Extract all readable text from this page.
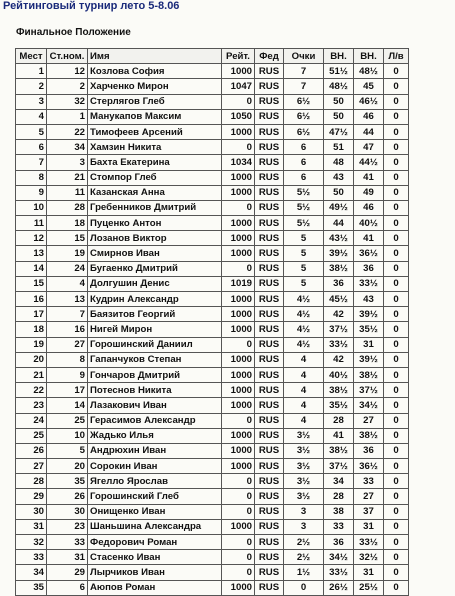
Рейтинговый турнир лето 5-8.06
Финальное Положение
Мест	Ст.ном.	Имя	Рейт.	Фед	Очки	ВН.	ВН.	Л/в
1	12	Козлова София	1000	RUS	7	51½	48½	0
2	2	Харченко Мирон	1047	RUS	7	48½	45	0
3	32	Стерлягов Глеб	0	RUS	6½	50	46½	0
4	1	Манукапов Максим	1050	RUS	6½	50	46	0
5	22	Тимофеев Арсений	1000	RUS	6½	47½	44	0
6	34	Хамзин Никита	0	RUS	6	51	47	0
7	3	Бахта Екатерина	1034	RUS	6	48	44½	0
8	21	Стомпор Глеб	1000	RUS	6	43	41	0
9	11	Казанская Анна	1000	RUS	5½	50	49	0
10	28	Гребенников Дмитрий	0	RUS	5½	49½	46	0
11	18	Пуценко Антон	1000	RUS	5½	44	40½	0
12	15	Лозанов Виктор	1000	RUS	5	43½	41	0
13	19	Смирнов Иван	1000	RUS	5	39½	36½	0
14	24	Бугаенко Дмитрий	0	RUS	5	38½	36	0
15	4	Долгушин Денис	1019	RUS	5	36	33½	0
16	13	Кудрин Александр	1000	RUS	4½	45½	43	0
17	7	Баязитов Георгий	1000	RUS	4½	42	39½	0
18	16	Нигей Мирон	1000	RUS	4½	37½	35½	0
19	27	Горошинский Даниил	0	RUS	4½	33½	31	0
20	8	Гапанчуков Степан	1000	RUS	4	42	39½	0
21	9	Гончаров Дмитрий	1000	RUS	4	40½	38½	0
22	17	Потеснов Никита	1000	RUS	4	38½	37½	0
23	14	Лазакович Иван	1000	RUS	4	35½	34½	0
24	25	Герасимов Александр	0	RUS	4	28	27	0
25	10	Жадько Илья	1000	RUS	3½	41	38½	0
26	5	Андрюхин Иван	1000	RUS	3½	38½	36	0
27	20	Сорокин Иван	1000	RUS	3½	37½	36½	0
28	35	Ягелло Ярослав	0	RUS	3½	34	33	0
29	26	Горошинский Глеб	0	RUS	3½	28	27	0
30	30	Онищенко Иван	0	RUS	3	38	37	0
31	23	Шаньшина Александра	1000	RUS	3	33	31	0
32	33	Федорович Роман	0	RUS	2½	36	33½	0
33	31	Стасенко Иван	0	RUS	2½	34½	32½	0
34	29	Лырчиков Иван	0	RUS	1½	33½	31	0
35	6	Аюпов Роман	1000	RUS	0	26½	25½	0
